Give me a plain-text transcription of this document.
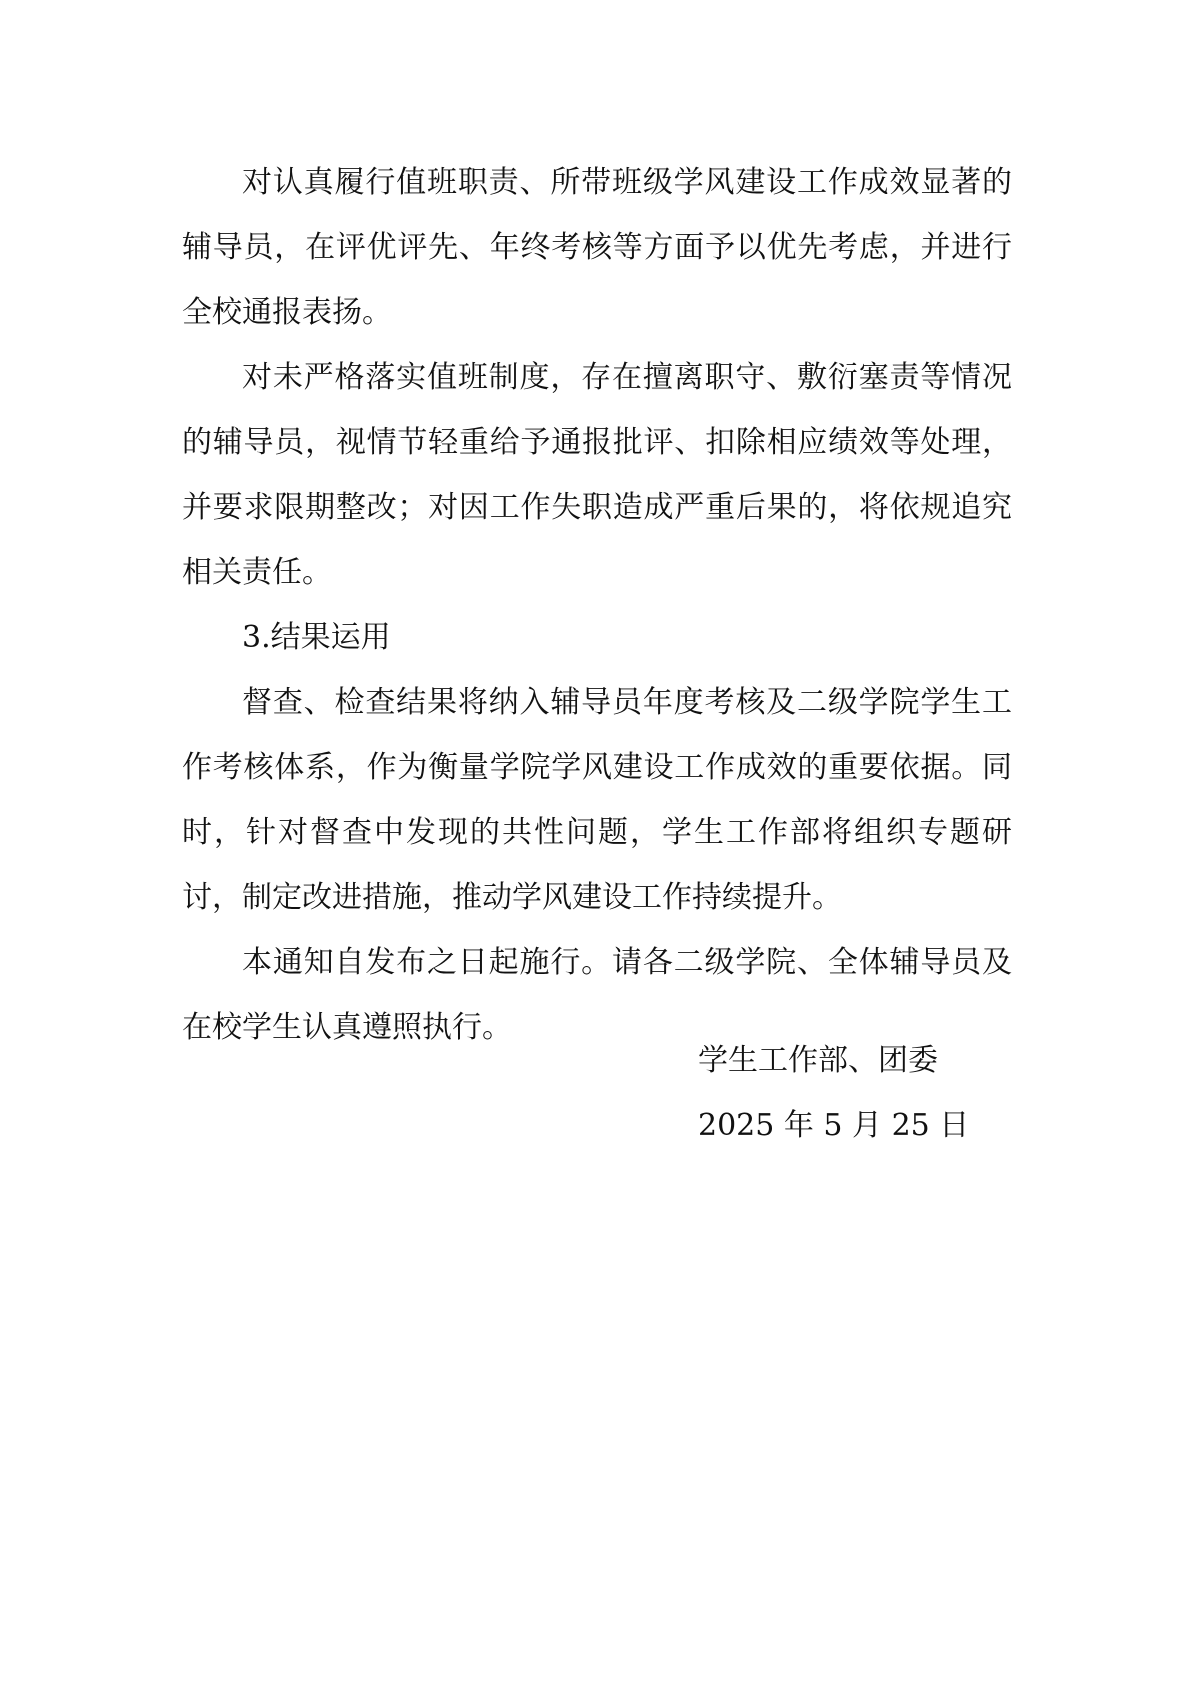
对认真履行值班职责、所带班级学风建设工作成效显著的辅导员，在评优评先、年终考核等方面予以优先考虑，并进行全校通报表扬。

对未严格落实值班制度，存在擅离职守、敷衍塞责等情况的辅导员，视情节轻重给予通报批评、扣除相应绩效等处理，并要求限期整改；对因工作失职造成严重后果的，将依规追究相关责任。

3.结果运用

督查、检查结果将纳入辅导员年度考核及二级学院学生工作考核体系，作为衡量学院学风建设工作成效的重要依据。同时，针对督查中发现的共性问题，学生工作部将组织专题研讨，制定改进措施，推动学风建设工作持续提升。

本通知自发布之日起施行。请各二级学院、全体辅导员及在校学生认真遵照执行。

学生工作部、团委
2025 年 5 月 25 日
